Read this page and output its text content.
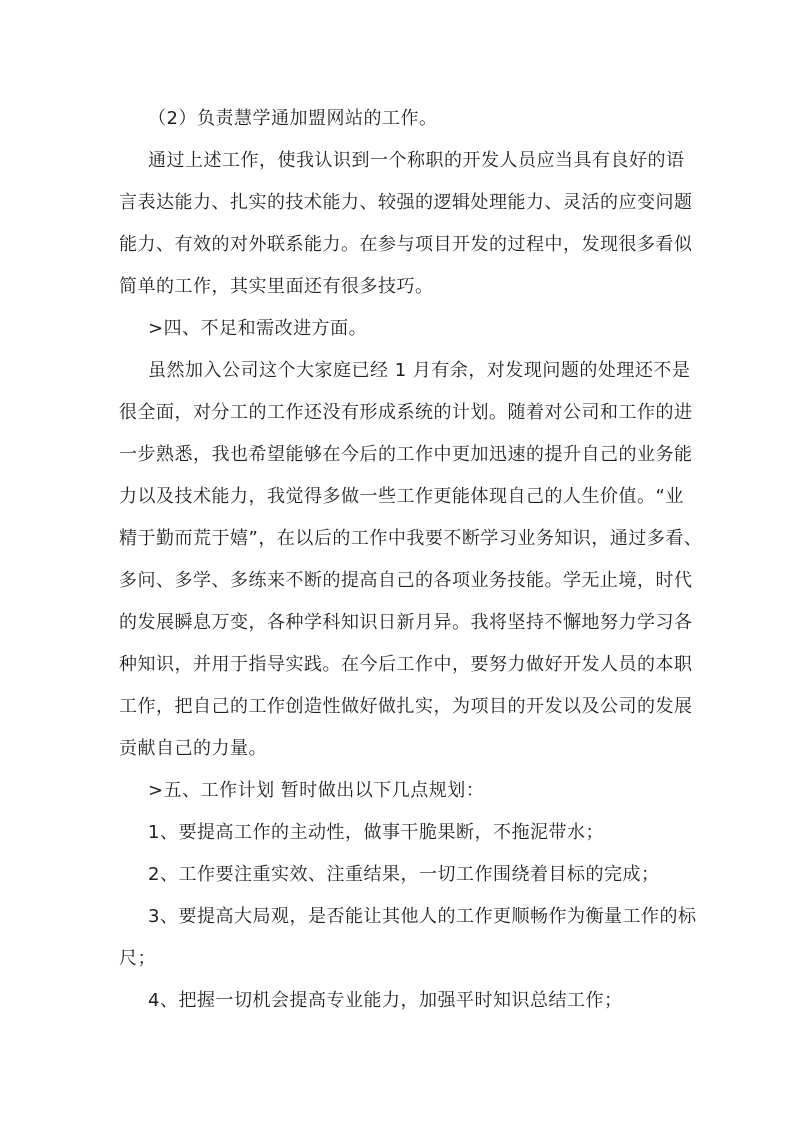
（2）负责慧学通加盟网站的工作。
通过上述工作，使我认识到一个称职的开发人员应当具有良好的语
言表达能力、扎实的技术能力、较强的逻辑处理能力、灵活的应变问题
能力、有效的对外联系能力。在参与项目开发的过程中，发现很多看似
简单的工作，其实里面还有很多技巧。
>四、不足和需改进方面。
虽然加入公司这个大家庭已经 1 月有余，对发现问题的处理还不是
很全面，对分工的工作还没有形成系统的计划。随着对公司和工作的进
一步熟悉，我也希望能够在今后的工作中更加迅速的提升自己的业务能
力以及技术能力，我觉得多做一些工作更能体现自己的人生价值。“业
精于勤而荒于嬉”，在以后的工作中我要不断学习业务知识，通过多看、
多问、多学、多练来不断的提高自己的各项业务技能。学无止境，时代
的发展瞬息万变，各种学科知识日新月异。我将坚持不懈地努力学习各
种知识，并用于指导实践。在今后工作中，要努力做好开发人员的本职
工作，把自己的工作创造性做好做扎实，为项目的开发以及公司的发展
贡献自己的力量。
>五、工作计划 暂时做出以下几点规划：
1、要提高工作的主动性，做事干脆果断，不拖泥带水；
2、工作要注重实效、注重结果，一切工作围绕着目标的完成；
3、要提高大局观，是否能让其他人的工作更顺畅作为衡量工作的标
尺；
4、把握一切机会提高专业能力，加强平时知识总结工作；
